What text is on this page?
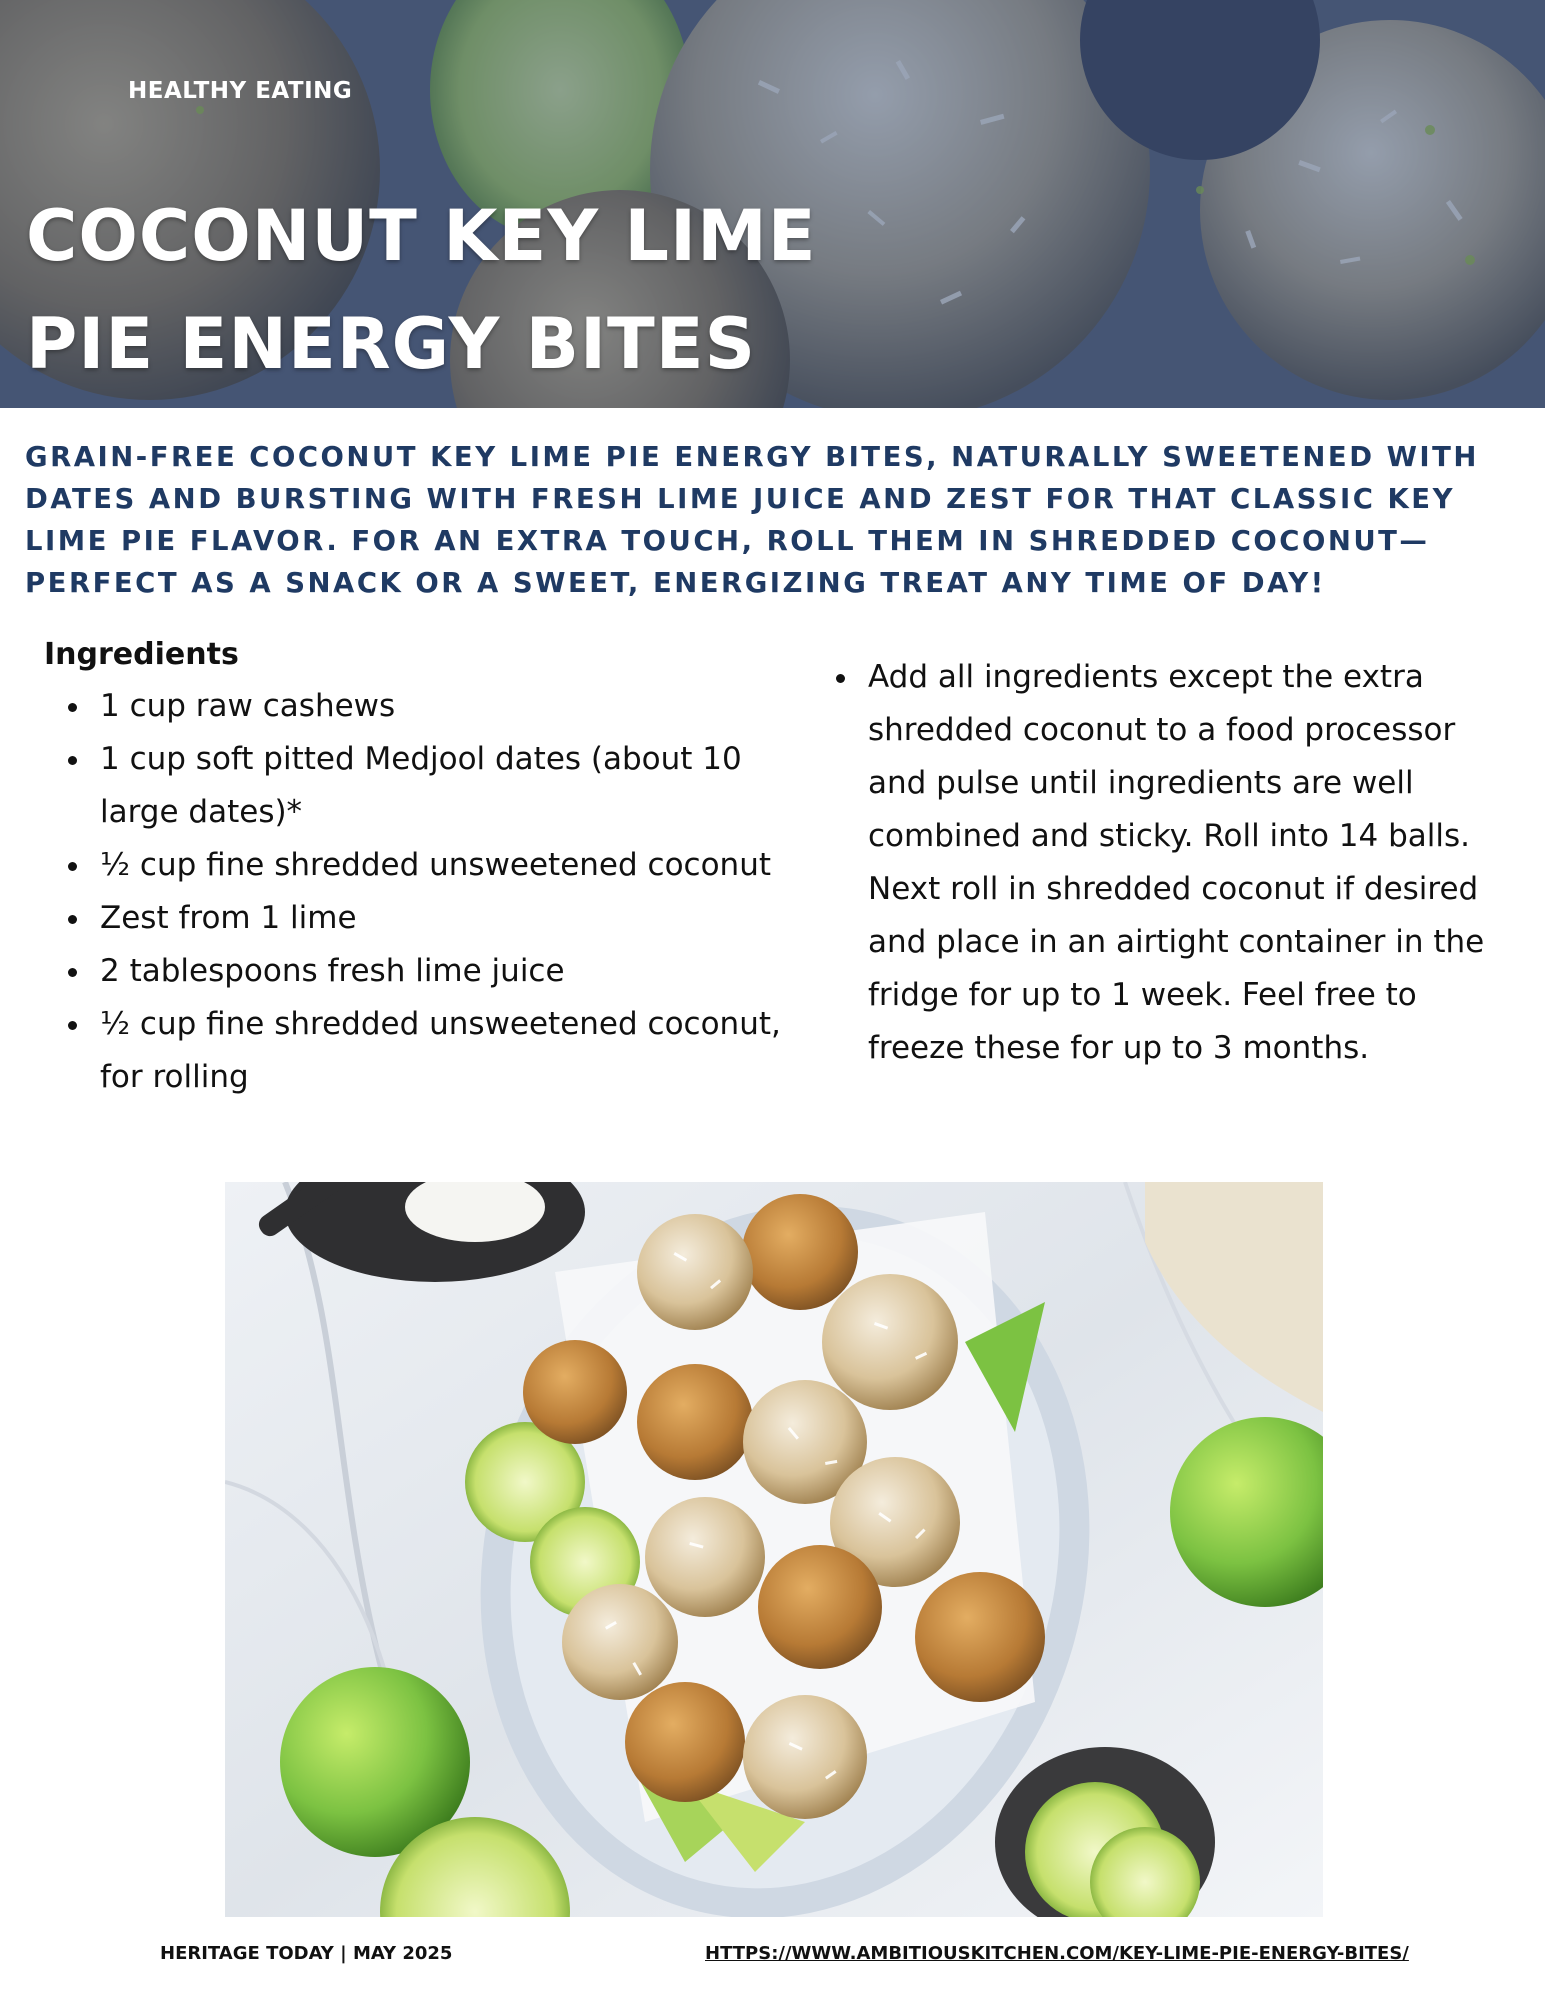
HEALTHY EATING
COCONUT KEY LIME
PIE ENERGY BITES

GRAIN-FREE COCONUT KEY LIME PIE ENERGY BITES, NATURALLY SWEETENED WITH DATES AND BURSTING WITH FRESH LIME JUICE AND ZEST FOR THAT CLASSIC KEY LIME PIE FLAVOR. FOR AN EXTRA TOUCH, ROLL THEM IN SHREDDED COCONUT—PERFECT AS A SNACK OR A SWEET, ENERGIZING TREAT ANY TIME OF DAY!

Ingredients
1 cup raw cashews
1 cup soft pitted Medjool dates (about 10 large dates)*
½ cup fine shredded unsweetened coconut
Zest from 1 lime
2 tablespoons fresh lime juice
½ cup fine shredded unsweetened coconut, for rolling
Add all ingredients except the extra shredded coconut to a food processor and pulse until ingredients are well combined and sticky. Roll into 14 balls. Next roll in shredded coconut if desired and place in an airtight container in the fridge for up to 1 week. Feel free to freeze these for up to 3 months.
HERITAGE TODAY | MAY 2025	HTTPS://WWW.AMBITIOUSKITCHEN.COM/KEY-LIME-PIE-ENERGY-BITES/
